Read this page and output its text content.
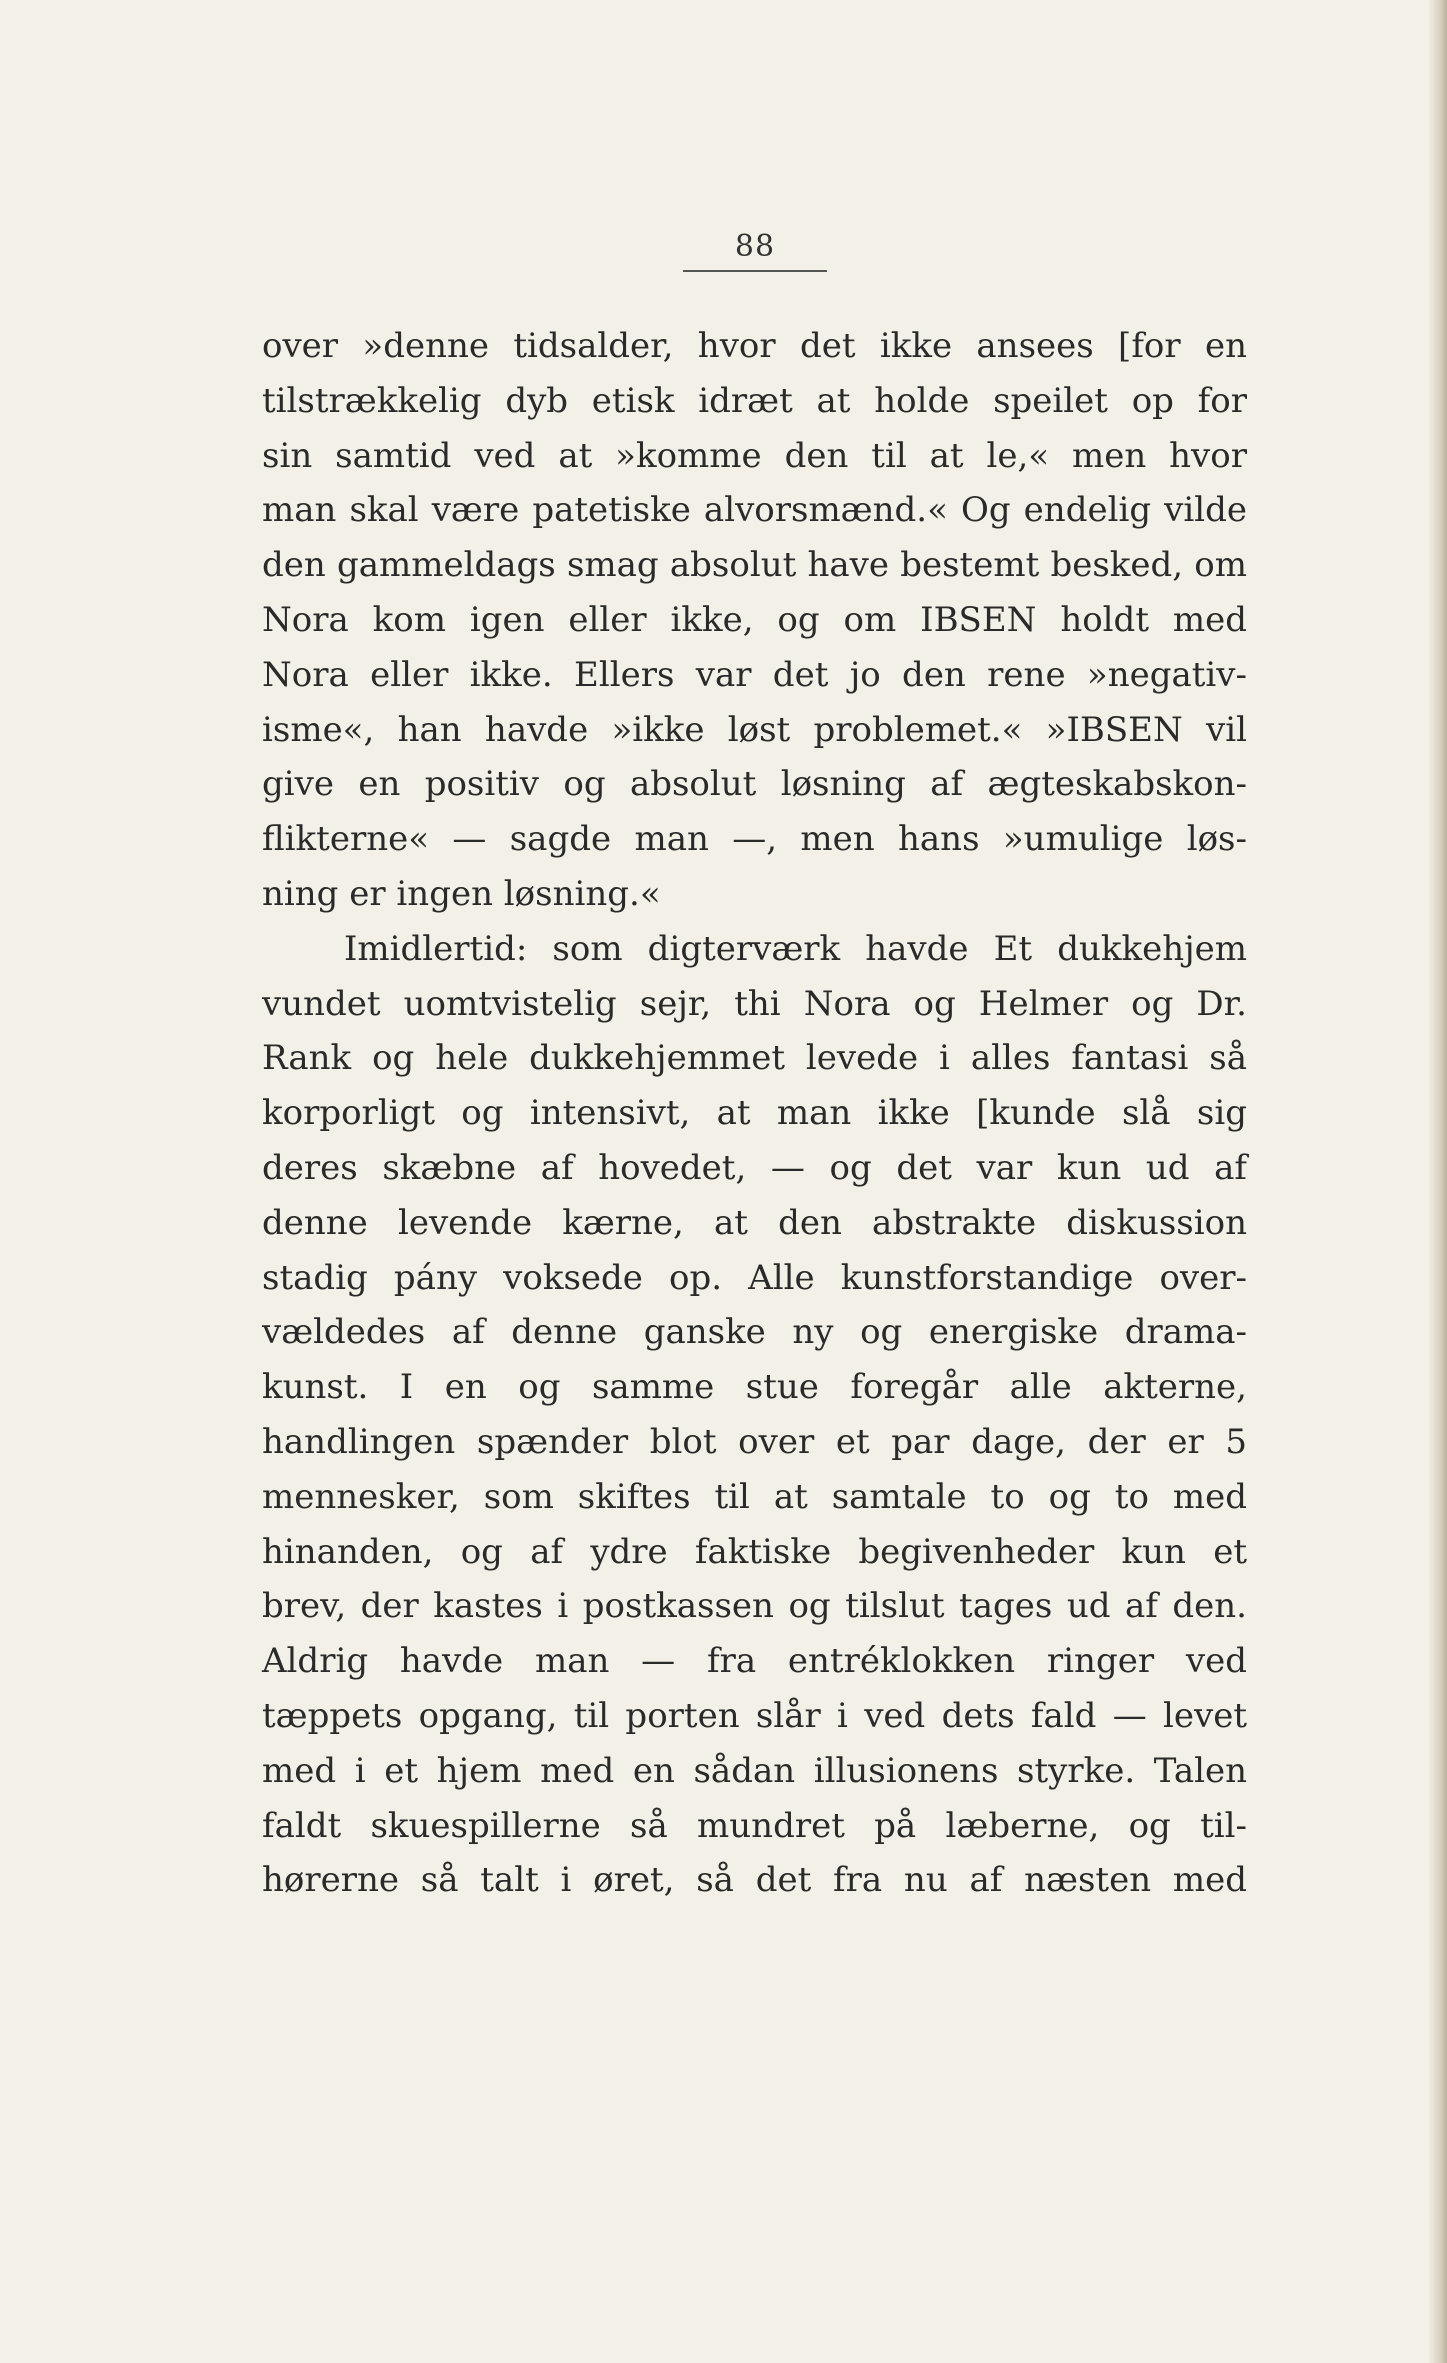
88
over »denne tidsalder, hvor det ikke ansees [for en
tilstrækkelig dyb etisk idræt at holde speilet op for
sin samtid ved at »komme den til at le,« men hvor
man skal være patetiske alvorsmænd.« Og endelig vilde
den gammeldags smag absolut have bestemt besked, om
Nora kom igen eller ikke, og om IBSEN holdt med
Nora eller ikke. Ellers var det jo den rene »negativ-
isme«, han havde »ikke løst problemet.« »IBSEN vil
give en positiv og absolut løsning af ægteskabskon-
flikterne« — sagde man —, men hans »umulige løs-
ning er ingen løsning.«
Imidlertid: som digterværk havde Et dukkehjem
vundet uomtvistelig sejr, thi Nora og Helmer og Dr.
Rank og hele dukkehjemmet levede i alles fantasi så
korporligt og intensivt, at man ikke [kunde slå sig
deres skæbne af hovedet, — og det var kun ud af
denne levende kærne, at den abstrakte diskussion
stadig pány voksede op. Alle kunstforstandige over-
vældedes af denne ganske ny og energiske drama-
kunst. I en og samme stue foregår alle akterne,
handlingen spænder blot over et par dage, der er 5
mennesker, som skiftes til at samtale to og to med
hinanden, og af ydre faktiske begivenheder kun et
brev, der kastes i postkassen og tilslut tages ud af den.
Aldrig havde man — fra entréklokken ringer ved
tæppets opgang, til porten slår i ved dets fald — levet
med i et hjem med en sådan illusionens styrke. Talen
faldt skuespillerne så mundret på læberne, og til-
hørerne så talt i øret, så det fra nu af næsten med
